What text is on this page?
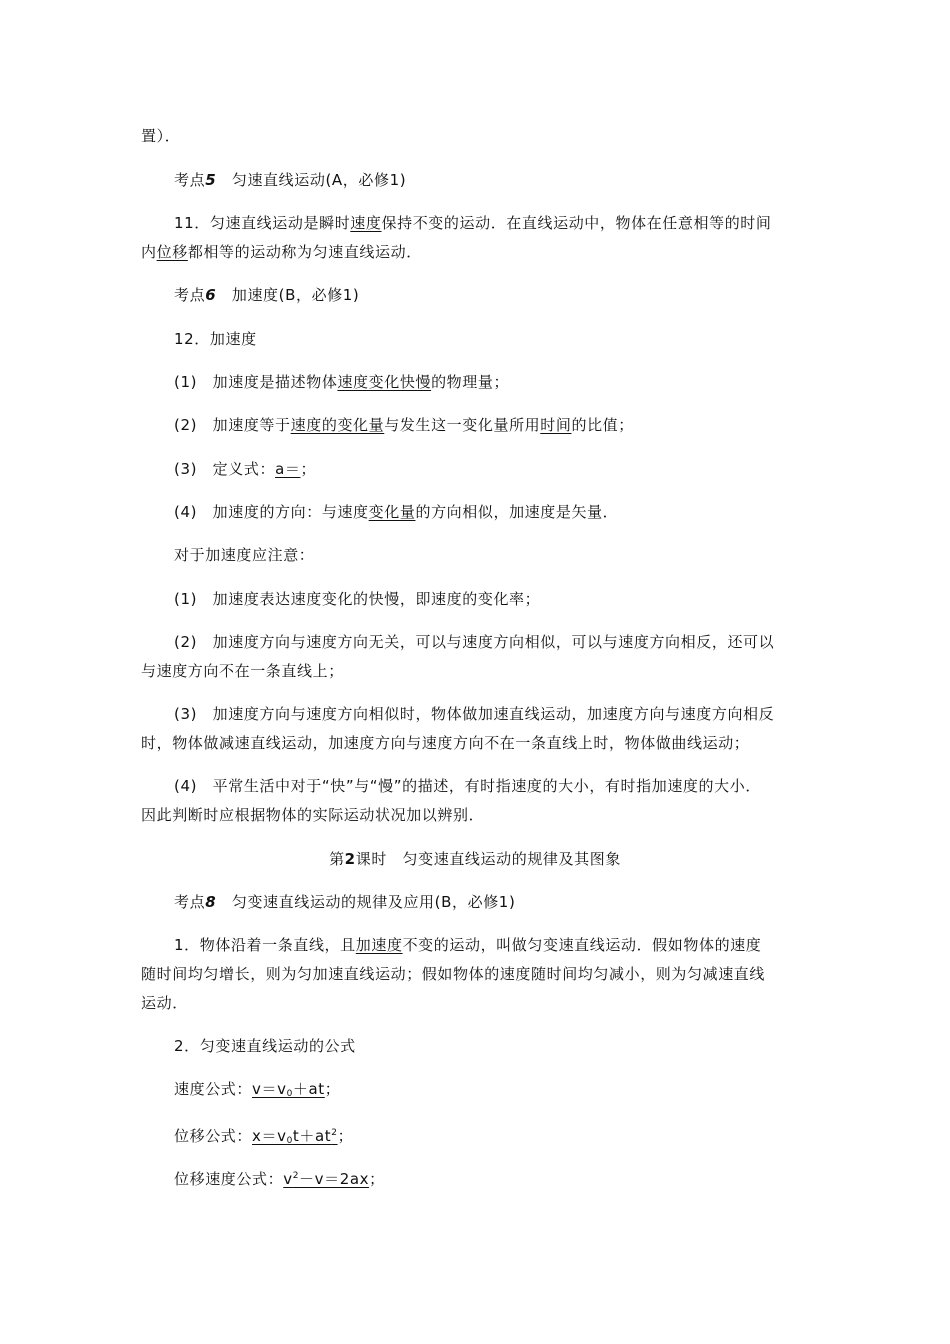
置）．
考点5　匀速直线运动(A，必修1)
11．匀速直线运动是瞬时速度保持不变的运动．在直线运动中，物体在任意相等的时间
内位移都相等的运动称为匀速直线运动．
考点6　加速度(B，必修1)
12．加速度
(1)　加速度是描述物体速度变化快慢的物理量；
(2)　加速度等于速度的变化量与发生这一变化量所用时间的比值；
(3)　定义式：a＝；
(4)　加速度的方向：与速度变化量的方向相似，加速度是矢量．
对于加速度应注意：
(1)　加速度表达速度变化的快慢，即速度的变化率；
(2)　加速度方向与速度方向无关，可以与速度方向相似，可以与速度方向相反，还可以
与速度方向不在一条直线上；
(3)　加速度方向与速度方向相似时，物体做加速直线运动，加速度方向与速度方向相反
时，物体做减速直线运动，加速度方向与速度方向不在一条直线上时，物体做曲线运动；
(4)　平常生活中对于“快”与“慢”的描述，有时指速度的大小，有时指加速度的大小．
因此判断时应根据物体的实际运动状况加以辨别．
第2课时　匀变速直线运动的规律及其图象
考点8　匀变速直线运动的规律及应用(B，必修1)
1．物体沿着一条直线，且加速度不变的运动，叫做匀变速直线运动．假如物体的速度
随时间均匀增长，则为匀加速直线运动；假如物体的速度随时间均匀减小，则为匀减速直线
运动．
2．匀变速直线运动的公式
速度公式：$v=v_0+at$；
位移公式：$x=v_0t+at^2$；
位移速度公式：$v^2-v=2ax$；
